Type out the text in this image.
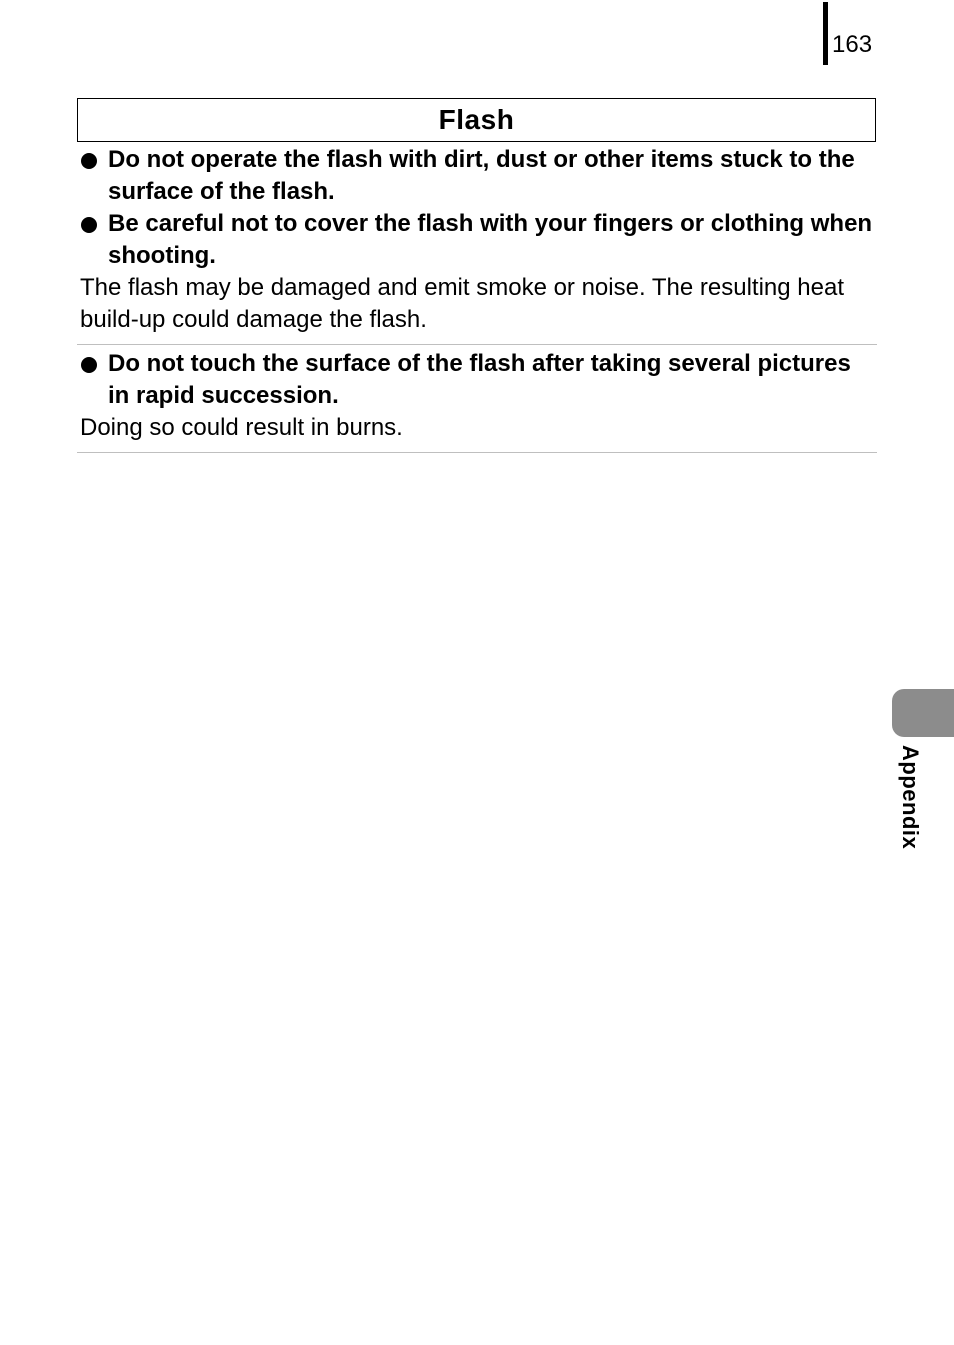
163
Flash
Do not operate the flash with dirt, dust or other items stuck to the surface of the flash.
Be careful not to cover the flash with your fingers or clothing when shooting.
The flash may be damaged and emit smoke or noise. The resulting heat build-up could damage the flash.
Do not touch the surface of the flash after taking several pictures in rapid succession.
Doing so could result in burns.
Appendix
